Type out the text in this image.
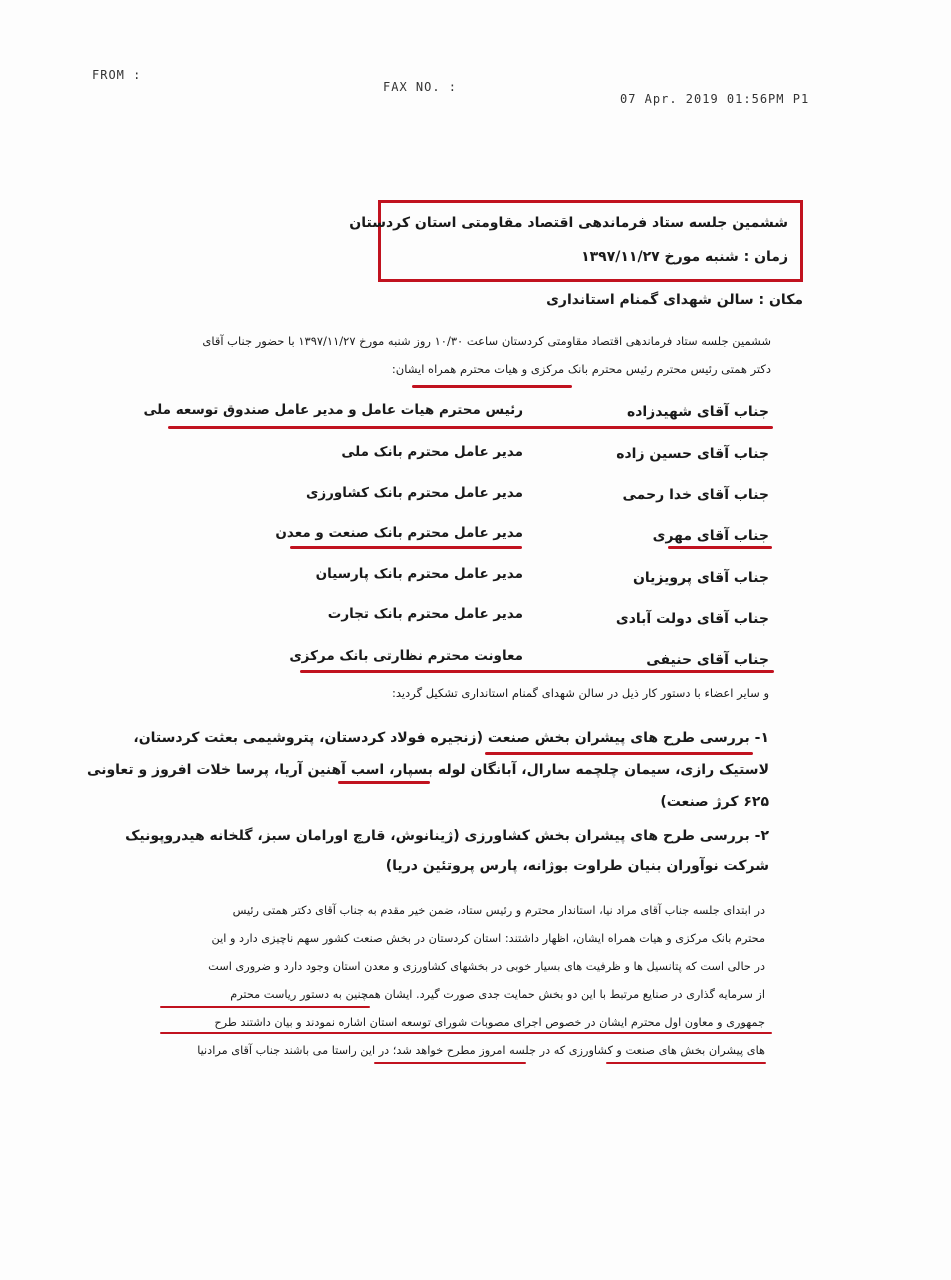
FROM :
FAX NO. :
07 Apr. 2019 01:56PM P1
ششمین جلسه ستاد فرماندهی اقتصاد مقاومتی استان کردستان
زمان : شنبه مورخ ۱۳۹۷/۱۱/۲۷
مکان : سالن شهدای گمنام استانداری
ششمین جلسه ستاد فرماندهی اقتصاد مقاومتی کردستان ساعت ۱۰/۳۰ روز شنبه مورخ ۱۳۹۷/۱۱/۲۷ با حضور جناب آقای
دکتر همتی رئیس محترم رئیس محترم بانک مرکزی و هیات محترم همراه ایشان:
جناب آقای شهیدزاده
رئیس محترم هیات عامل و مدیر عامل صندوق توسعه ملی
جناب آقای حسین زاده
مدیر عامل محترم بانک ملی
جناب آقای خدا رحمی
مدیر عامل محترم بانک کشاورزی
جناب آقای مهری
مدیر عامل محترم بانک صنعت و معدن
جناب آقای پرویزیان
مدیر عامل محترم بانک پارسیان
جناب آقای دولت آبادی
مدیر عامل محترم بانک تجارت
جناب آقای حنیفی
معاونت محترم نظارتی بانک مرکزی
و سایر اعضاء با دستور کار ذیل در سالن شهدای گمنام استانداری تشکیل گردید:
۱- بررسی طرح های پیشران بخش صنعت (زنجیره فولاد کردستان، پتروشیمی بعثت کردستان،
لاستیک رازی، سیمان چلچمه سارال، آبانگان لوله بسپار، اسب آهنین آریا، پرسا خلات افروز و تعاونی
۶۲۵ کرژ صنعت)
۲- بررسی طرح های پیشران بخش کشاورزی (ژینانوش، قارچ اورامان سبز، گلخانه هیدروپونیک
شرکت نوآوران بنیان طراوت بوژانه، پارس پروتئین دریا)
در ابتدای جلسه جناب آقای مراد نیا، استاندار محترم و رئیس ستاد، ضمن خیر مقدم به جناب آقای دکتر همتی رئیس
محترم بانک مرکزی و هیات همراه ایشان، اظهار داشتند: استان کردستان در بخش صنعت کشور سهم ناچیزی دارد و این
در حالی است که پتانسیل ها و ظرفیت های بسیار خوبی در بخشهای کشاورزی و معدن استان وجود دارد و ضروری است
از سرمایه گذاری در صنایع مرتبط با این دو بخش حمایت جدی صورت گیرد. ایشان همچنین به دستور ریاست محترم
جمهوری و معاون اول محترم ایشان در خصوص اجرای مصوبات شورای توسعه استان اشاره نمودند و بیان داشتند طرح
های پیشران بخش های صنعت و کشاورزی که در جلسه امروز مطرح خواهد شد؛ در این راستا می باشند جناب آقای مرادنیا
